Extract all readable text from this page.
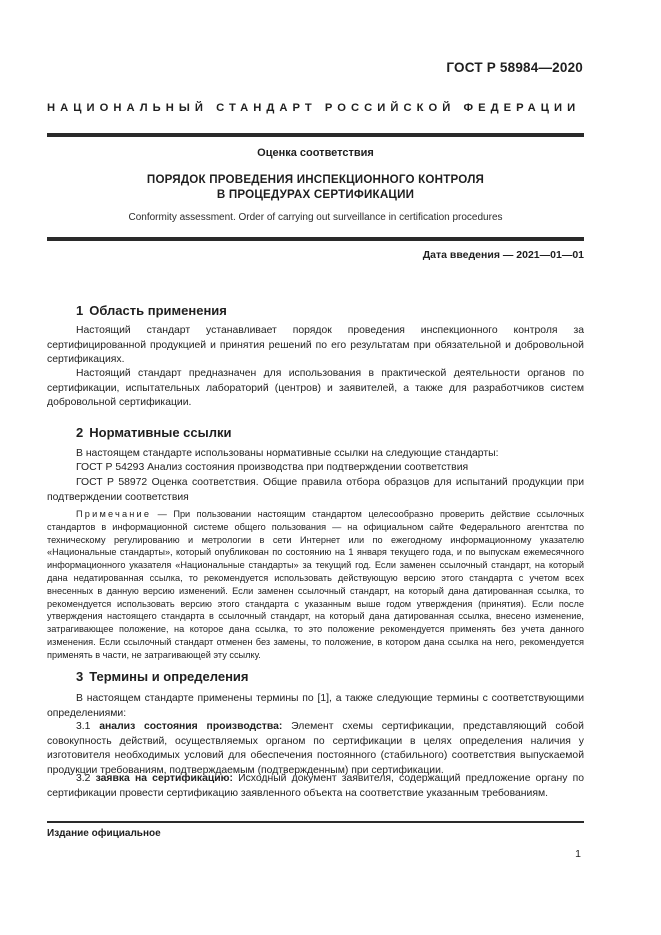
ГОСТ Р 58984—2020
НАЦИОНАЛЬНЫЙ СТАНДАРТ РОССИЙСКОЙ ФЕДЕРАЦИИ
Оценка соответствия
ПОРЯДОК ПРОВЕДЕНИЯ ИНСПЕКЦИОННОГО КОНТРОЛЯ
В ПРОЦЕДУРАХ СЕРТИФИКАЦИИ
Conformity assessment. Order of carrying out surveillance in certification procedures
Дата введения — 2021—01—01
1 Область применения
Настоящий стандарт устанавливает порядок проведения инспекционного контроля за сертифицированной продукцией и принятия решений по его результатам при обязательной и добровольной сертификациях.
Настоящий стандарт предназначен для использования в практической деятельности органов по сертификации, испытательных лабораторий (центров) и заявителей, а также для разработчиков систем добровольной сертификации.
2 Нормативные ссылки
В настоящем стандарте использованы нормативные ссылки на следующие стандарты:
ГОСТ Р 54293 Анализ состояния производства при подтверждении соответствия
ГОСТ Р 58972 Оценка соответствия. Общие правила отбора образцов для испытаний продукции при подтверждении соответствия
Примечание — При пользовании настоящим стандартом целесообразно проверить действие ссылочных стандартов в информационной системе общего пользования — на официальном сайте Федерального агентства по техническому регулированию и метрологии в сети Интернет или по ежегодному информационному указателю «Национальные стандарты», который опубликован по состоянию на 1 января текущего года, и по выпускам ежемесячного информационного указателя «Национальные стандарты» за текущий год. Если заменен ссылочный стандарт, на который дана недатированная ссылка, то рекомендуется использовать действующую версию этого стандарта с учетом всех внесенных в данную версию изменений. Если заменен ссылочный стандарт, на который дана датированная ссылка, то рекомендуется использовать версию этого стандарта с указанным выше годом утверждения (принятия). Если после утверждения настоящего стандарта в ссылочный стандарт, на который дана датированная ссылка, внесено изменение, затрагивающее положение, на которое дана ссылка, то это положение рекомендуется применять без учета данного изменения. Если ссылочный стандарт отменен без замены, то положение, в котором дана ссылка на него, рекомендуется применять в части, не затрагивающей эту ссылку.
3 Термины и определения
В настоящем стандарте применены термины по [1], а также следующие термины с соответствующими определениями:
3.1 анализ состояния производства: Элемент схемы сертификации, представляющий собой совокупность действий, осуществляемых органом по сертификации в целях определения наличия у изготовителя необходимых условий для обеспечения постоянного (стабильного) соответствия выпускаемой продукции требованиям, подтверждаемым (подтвержденным) при сертификации.
3.2 заявка на сертификацию: Исходный документ заявителя, содержащий предложение органу по сертификации провести сертификацию заявленного объекта на соответствие указанным требованиям.
Издание официальное
1
